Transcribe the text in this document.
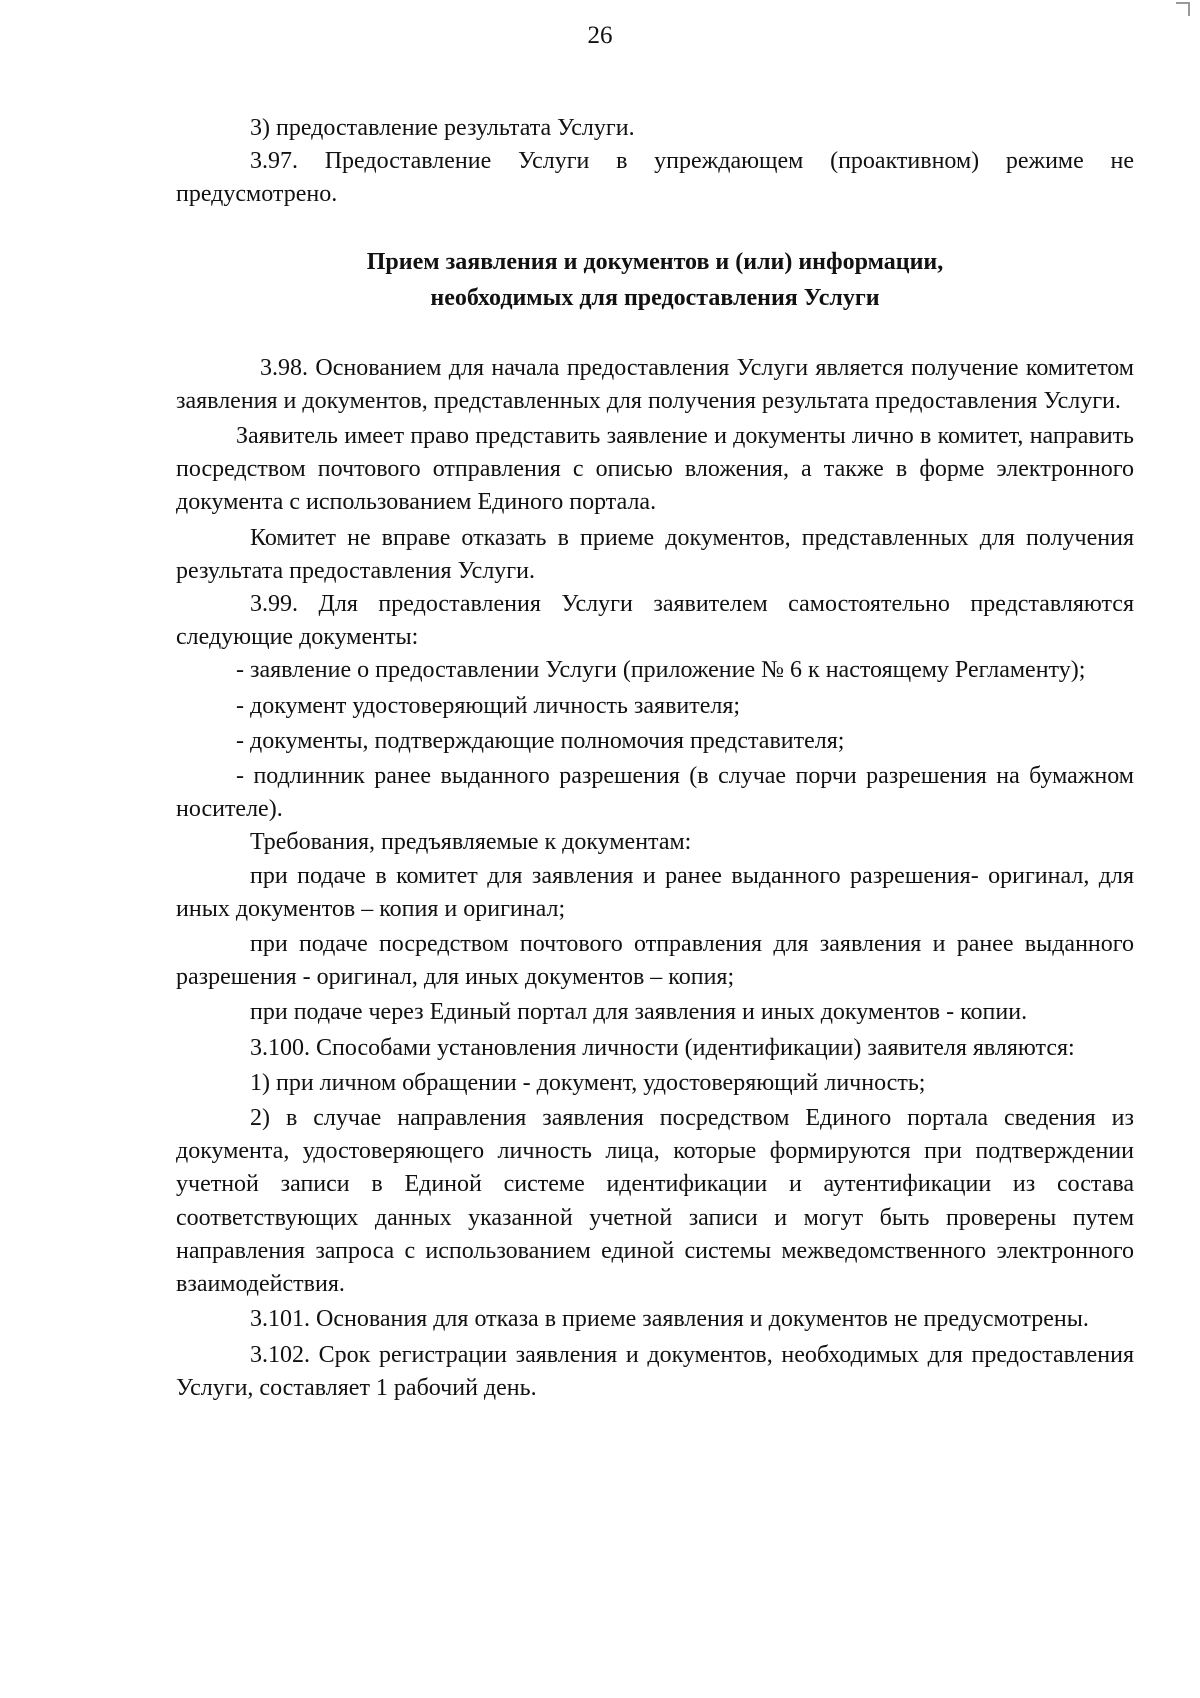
26

3) предоставление результата Услуги.

3.97. Предоставление Услуги в упреждающем (проактивном) режиме не предусмотрено.

Прием заявления и документов и (или) информации,
необходимых для предоставления Услуги

3.98. Основанием для начала предоставления Услуги является получение комитетом заявления и документов, представленных для получения результата предоставления Услуги.

Заявитель имеет право представить заявление и документы лично в комитет, направить посредством почтового отправления с описью вложения, а также в форме электронного документа с использованием Единого портала.

Комитет не вправе отказать в приеме документов, представленных для получения результата предоставления Услуги.

3.99. Для предоставления Услуги заявителем самостоятельно представляются следующие документы:

- заявление о предоставлении Услуги (приложение № 6 к настоящему Регламенту);

- документ удостоверяющий личность заявителя;

- документы, подтверждающие полномочия представителя;

- подлинник ранее выданного разрешения (в случае порчи разрешения на бумажном носителе).

Требования, предъявляемые к документам:

при подаче в комитет для заявления и ранее выданного разрешения- оригинал, для иных документов – копия и оригинал;

при подаче посредством почтового отправления для заявления и ранее выданного разрешения - оригинал, для иных документов – копия;

при подаче через Единый портал для заявления и иных документов - копии.

3.100. Способами установления личности (идентификации) заявителя являются:

1) при личном обращении - документ, удостоверяющий личность;

2) в случае направления заявления посредством Единого портала сведения из документа, удостоверяющего личность лица, которые формируются при подтверждении учетной записи в Единой системе идентификации и аутентификации из состава соответствующих данных указанной учетной записи и могут быть проверены путем направления запроса с использованием единой системы межведомственного электронного взаимодействия.

3.101. Основания для отказа в приеме заявления и документов не предусмотрены.

3.102. Срок регистрации заявления и документов, необходимых для предоставления Услуги, составляет 1 рабочий день.
